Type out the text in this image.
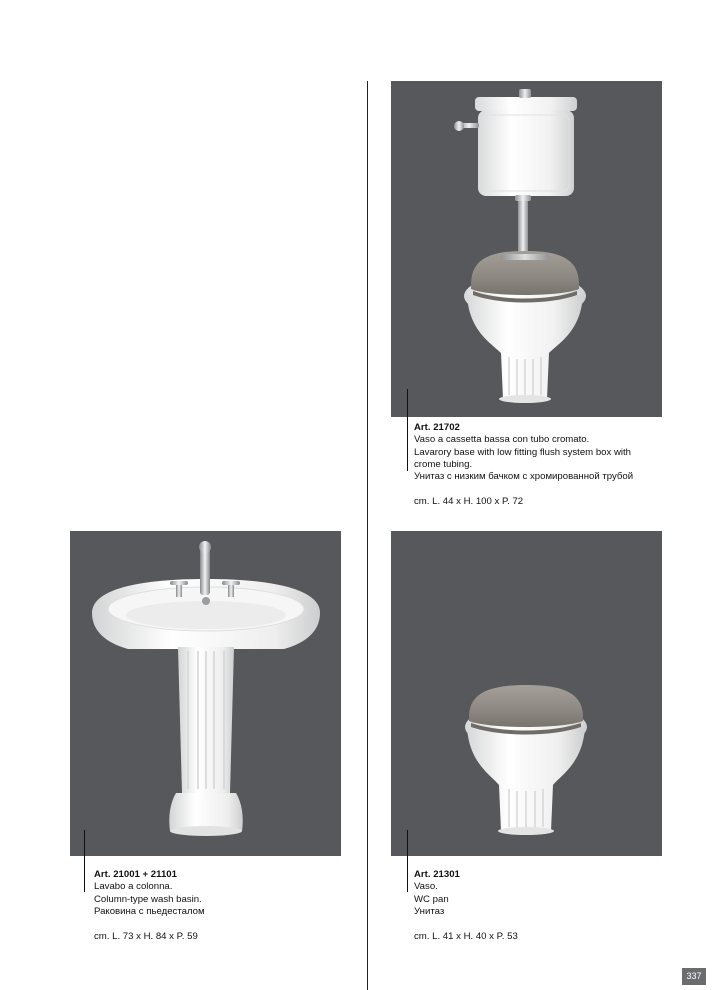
Art. 21702
Vaso a cassetta bassa con tubo cromato.
Lavarory base with low fitting flush system box with
crome tubing.
Унитаз с низким бачком с хромированной трубой
cm. L. 44 x H. 100 x P. 72
Art. 21001 + 21101
Lavabo a colonna.
Column-type wash basin.
Раковина с пьедесталом
cm. L. 73 x H. 84 x P. 59
Art. 21301
Vaso.
WC pan
Унитаз
cm. L. 41 x H. 40 x P. 53
337
